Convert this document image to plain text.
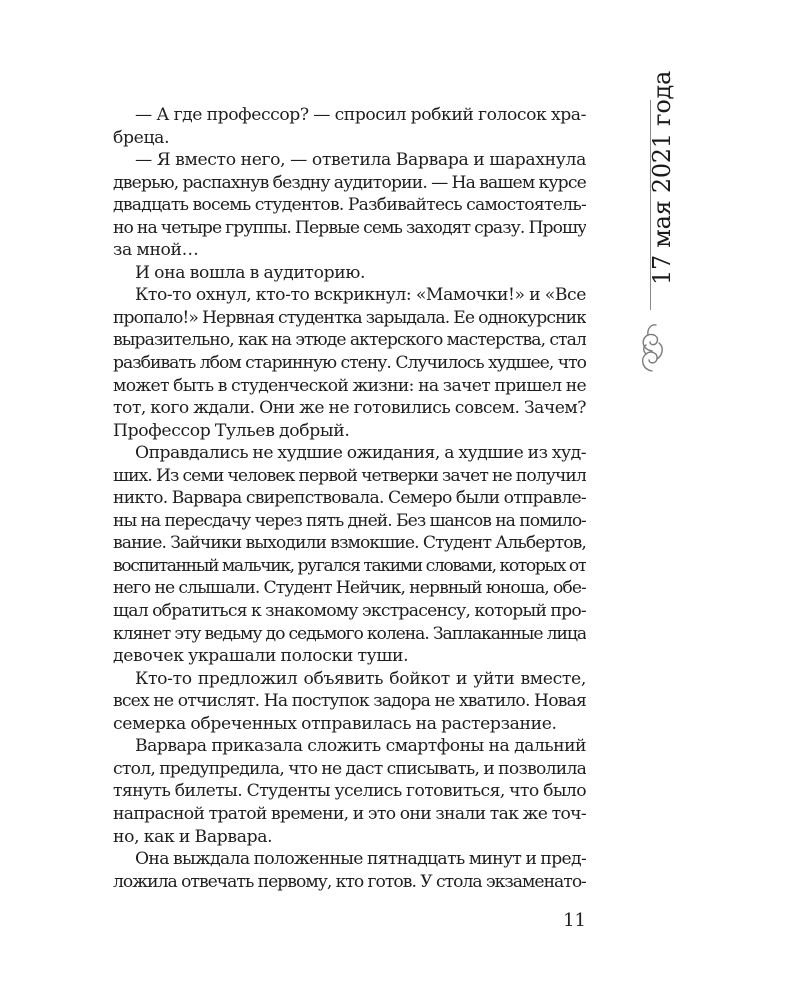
— А где профессор? — спросил робкий голосок хра-
бреца.
— Я вместо него, — ответила Варвара и шарахнула
дверью, распахнув бездну аудитории. — На вашем курсе
двадцать восемь студентов. Разбивайтесь самостоятель-
но на четыре группы. Первые семь заходят сразу. Прошу
за мной…
И она вошла в аудиторию.
Кто-то охнул, кто-то вскрикнул: «Мамочки!» и «Все
пропало!» Нервная студентка зарыдала. Ее однокурсник
выразительно, как на этюде актерского мастерства, стал
разбивать лбом старинную стену. Случилось худшее, что
может быть в студенческой жизни: на зачет пришел не
тот, кого ждали. Они же не готовились совсем. Зачем?
Профессор Тульев добрый.
Оправдались не худшие ожидания, а худшие из худ-
ших. Из семи человек первой четверки зачет не получил
никто. Варвара свирепствовала. Семеро были отправле-
ны на пересдачу через пять дней. Без шансов на помило-
вание. Зайчики выходили взмокшие. Студент Альбертов,
воспитанный мальчик, ругался такими словами, которых от
него не слышали. Студент Нейчик, нервный юноша, обе-
щал обратиться к знакомому экстрасенсу, который про-
клянет эту ведьму до седьмого колена. Заплаканные лица
девочек украшали полоски туши.
Кто-то предложил объявить бойкот и уйти вместе,
всех не отчислят. На поступок задора не хватило. Новая
семерка обреченных отправилась на растерзание.
Варвара приказала сложить смартфоны на дальний
стол, предупредила, что не даст списывать, и позволила
тянуть билеты. Студенты уселись готовиться, что было
напрасной тратой времени, и это они знали так же точ-
но, как и Варвара.
Она выждала положенные пятнадцать минут и пред-
ложила отвечать первому, кто готов. У стола экзаменато-
17 мая 2021 года
11
